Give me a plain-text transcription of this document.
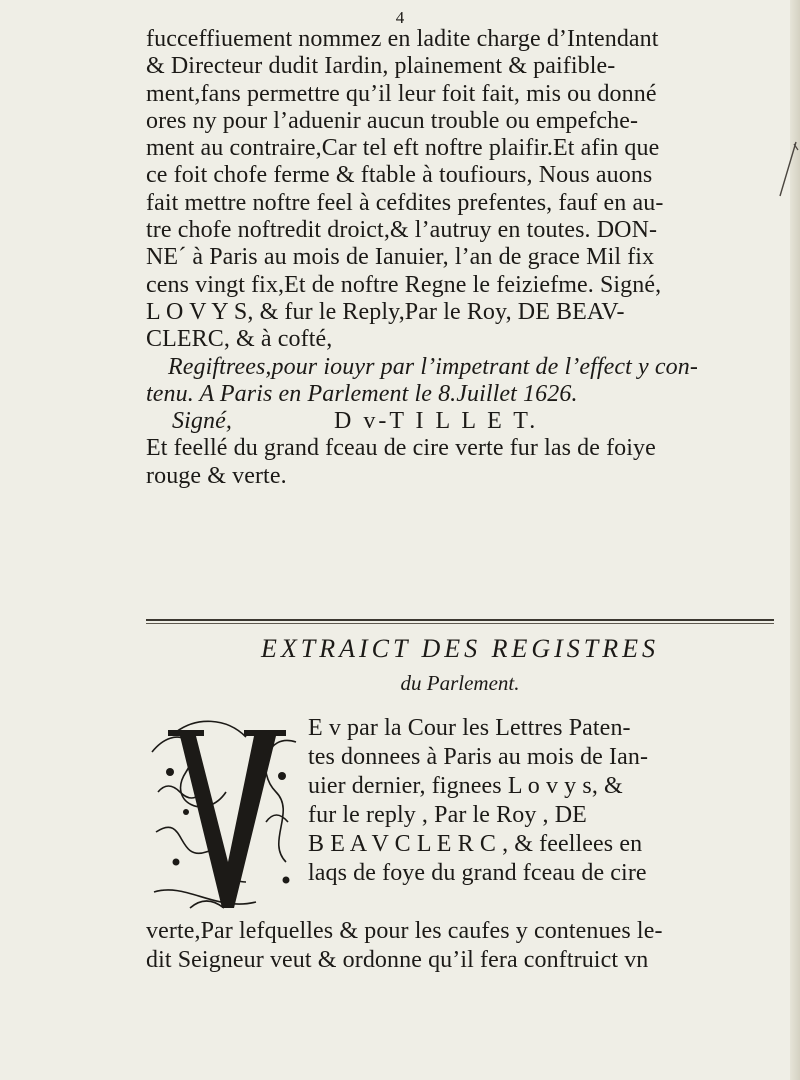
4
fucceffiuement nommez en ladite charge d’Intendant
& Directeur dudit Iardin, plainement & paifible-
ment,fans permettre qu’il leur foit fait, mis ou donné
ores ny pour l’aduenir aucun trouble ou empefche-
ment au contraire,Car tel eft noftre plaifir.Et afin que
ce foit chofe ferme & ftable à toufiours, Nous auons
fait mettre noftre feel à cefdites prefentes, fauf en au-
tre chofe noftredit droict,& l’autruy en toutes. DON-
NE´ à Paris au mois de Ianuier, l’an de grace Mil fix
cens vingt fix,Et de noftre Regne le feiziefme. Signé,
L O V Y S, & fur le Reply,Par le Roy, DE BEAV-
CLERC, & à cofté,
Regiftrees,pour iouyr par l’impetrant de l’effect y con-
tenu. A Paris en Parlement le 8.Juillet 1626.
Signé,	D v-T I L L E T.
Et feellé du grand fceau de cire verte fur las de foiye
rouge & verte.
EXTRAICT DES REGISTRES
du Parlement.
V
E v par la Cour les Lettres Paten-
tes donnees à Paris au mois de Ian-
uier dernier, fignees L o v y s, &
fur le reply , Par le Roy , DE
B E A V C L E R C , & feellees en
laqs de foye du grand fceau de cire
verte,Par lefquelles & pour les caufes y contenues le-
dit Seigneur veut & ordonne qu’il fera conftruict vn
